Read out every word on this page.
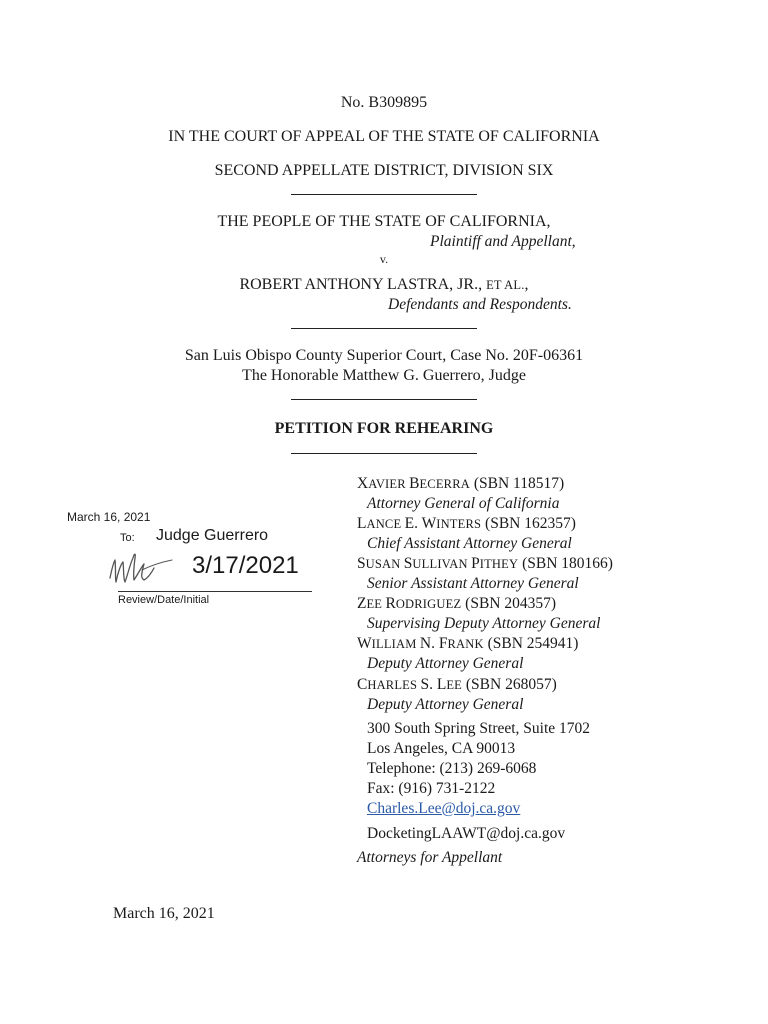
No. B309895
IN THE COURT OF APPEAL OF THE STATE OF CALIFORNIA
SECOND APPELLATE DISTRICT, DIVISION SIX
THE PEOPLE OF THE STATE OF CALIFORNIA,
Plaintiff and Appellant,
v.
ROBERT ANTHONY LASTRA, JR., ET AL.,
Defendants and Respondents.
San Luis Obispo County Superior Court, Case No. 20F-06361
The Honorable Matthew G. Guerrero, Judge
PETITION FOR REHEARING
XAVIER BECERRA (SBN 118517)
Attorney General of California
LANCE E. WINTERS (SBN 162357)
Chief Assistant Attorney General
SUSAN SULLIVAN PITHEY (SBN 180166)
Senior Assistant Attorney General
ZEE RODRIGUEZ (SBN 204357)
Supervising Deputy Attorney General
WILLIAM N. FRANK (SBN 254941)
Deputy Attorney General
CHARLES S. LEE (SBN 268057)
Deputy Attorney General
300 South Spring Street, Suite 1702
Los Angeles, CA 90013
Telephone: (213) 269-6068
Fax: (916) 731-2122
Charles.Lee@doj.ca.gov
DocketingLAAWT@doj.ca.gov
Attorneys for Appellant
March 16, 2021
To: Judge Guerrero
3/17/2021
Review/Date/Initial
March 16, 2021
